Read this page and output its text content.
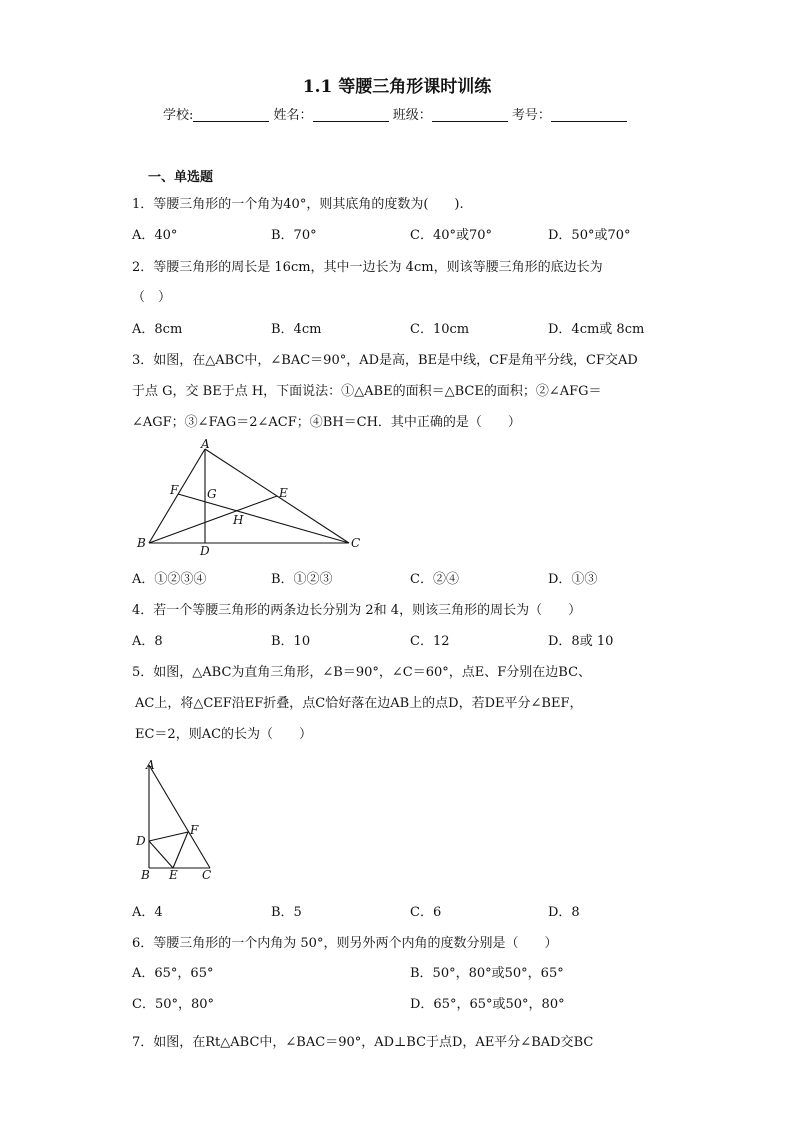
1.1 等腰三角形课时训练
学校:	姓名：	班级：	考号：
一、单选题
1．等腰三角形的一个角为40°，则其底角的度数为(　　).
A．40°	B．70°	C．40°或70°	D．50°或70°
2．等腰三角形的周长是 16cm，其中一边长为 4cm，则该等腰三角形的底边长为
（　）
A．8cm	B．4cm	C．10cm	D．4cm或 8cm
3．如图，在△ABC中，∠BAC＝90°，AD是高，BE是中线，CF是角平分线，CF交AD
于点 G，交 BE于点 H，下面说法：①△ABE的面积＝△BCE的面积；②∠AFG＝
∠AGF；③∠FAG＝2∠ACF；④BH＝CH．其中正确的是（　　）
A
B	C
D
E
F G
H
A．①②③④	B．①②③	C．②④	D．①③
4．若一个等腰三角形的两条边长分别为 2和 4，则该三角形的周长为（　　）
A．8	B．10	C．12	D．8或 10
5．如图，△ABC为直角三角形，∠B＝90°，∠C＝60°，点E、F分别在边BC、
AC上，将△CEF沿EF折叠，点C恰好落在边AB上的点D，若DE平分∠BEF，
EC＝2，则AC的长为（　　）
A
B	C
D
E
F
A．4	B．5	C．6	D．8
6．等腰三角形的一个内角为 50°，则另外两个内角的度数分别是（　　）
A．65°，65°	B．50°，80°或50°，65°
C．50°，80°	D．65°，65°或50°，80°
7．如图，在Rt△ABC中，∠BAC＝90°，AD⊥BC于点D，AE平分∠BAD交BC
